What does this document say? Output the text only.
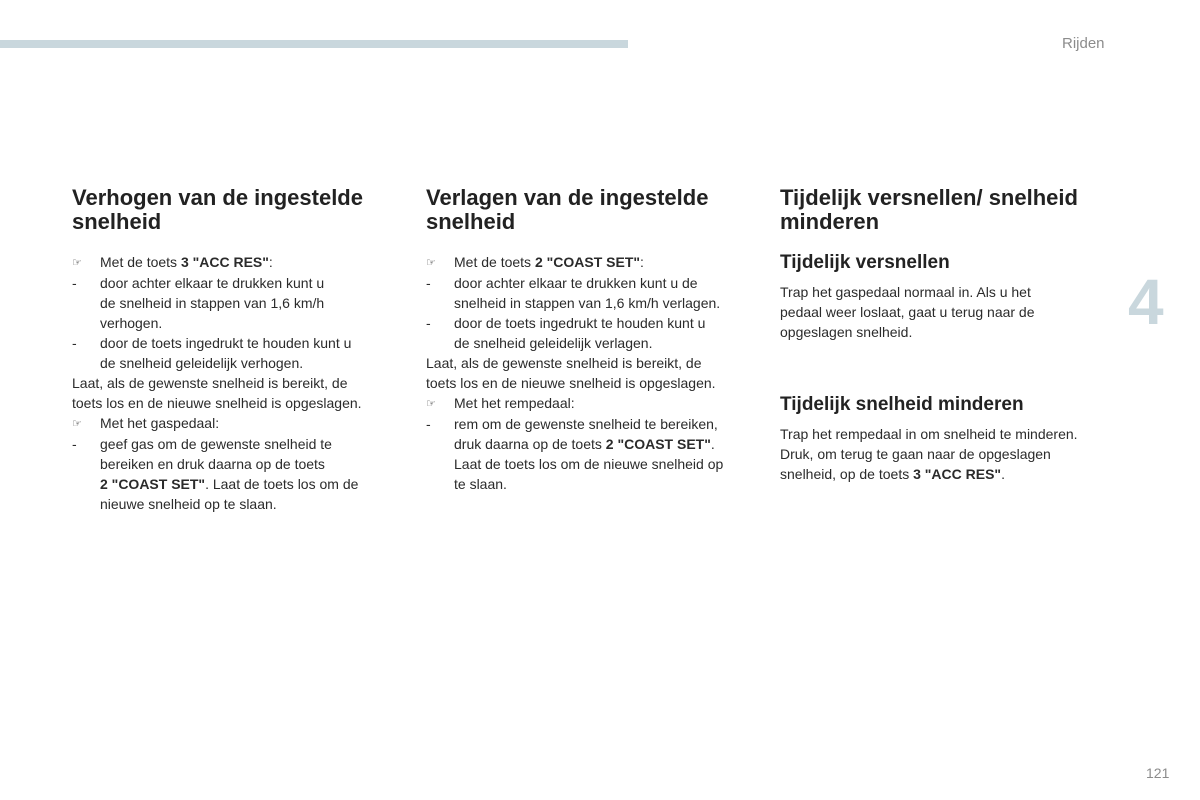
Rijden
4
121
Verhogen van de ingestelde snelheid
☞	Met de toets 3 "ACC RES":
-	door achter elkaar te drukken kunt u
de snelheid in stappen van 1,6 km/h
verhogen.
-	door de toets ingedrukt te houden kunt u
de snelheid geleidelijk verhogen.
Laat, als de gewenste snelheid is bereikt, de
toets los en de nieuwe snelheid is opgeslagen.
☞	Met het gaspedaal:
-	geef gas om de gewenste snelheid te
bereiken en druk daarna op de toets
2 "COAST SET". Laat de toets los om de
nieuwe snelheid op te slaan.
Verlagen van de ingestelde snelheid
☞	Met de toets 2 "COAST SET":
-	door achter elkaar te drukken kunt u de
snelheid in stappen van 1,6 km/h verlagen.
-	door de toets ingedrukt te houden kunt u
de snelheid geleidelijk verlagen.
Laat, als de gewenste snelheid is bereikt, de
toets los en de nieuwe snelheid is opgeslagen.
☞	Met het rempedaal:
-	rem om de gewenste snelheid te bereiken,
druk daarna op de toets 2 "COAST SET".
Laat de toets los om de nieuwe snelheid op
te slaan.
Tijdelijk versnellen/ snelheid minderen
Tijdelijk versnellen
Trap het gaspedaal normaal in. Als u het
pedaal weer loslaat, gaat u terug naar de
opgeslagen snelheid.
Tijdelijk snelheid minderen
Trap het rempedaal in om snelheid te minderen.
Druk, om terug te gaan naar de opgeslagen
snelheid, op de toets 3 "ACC RES".
